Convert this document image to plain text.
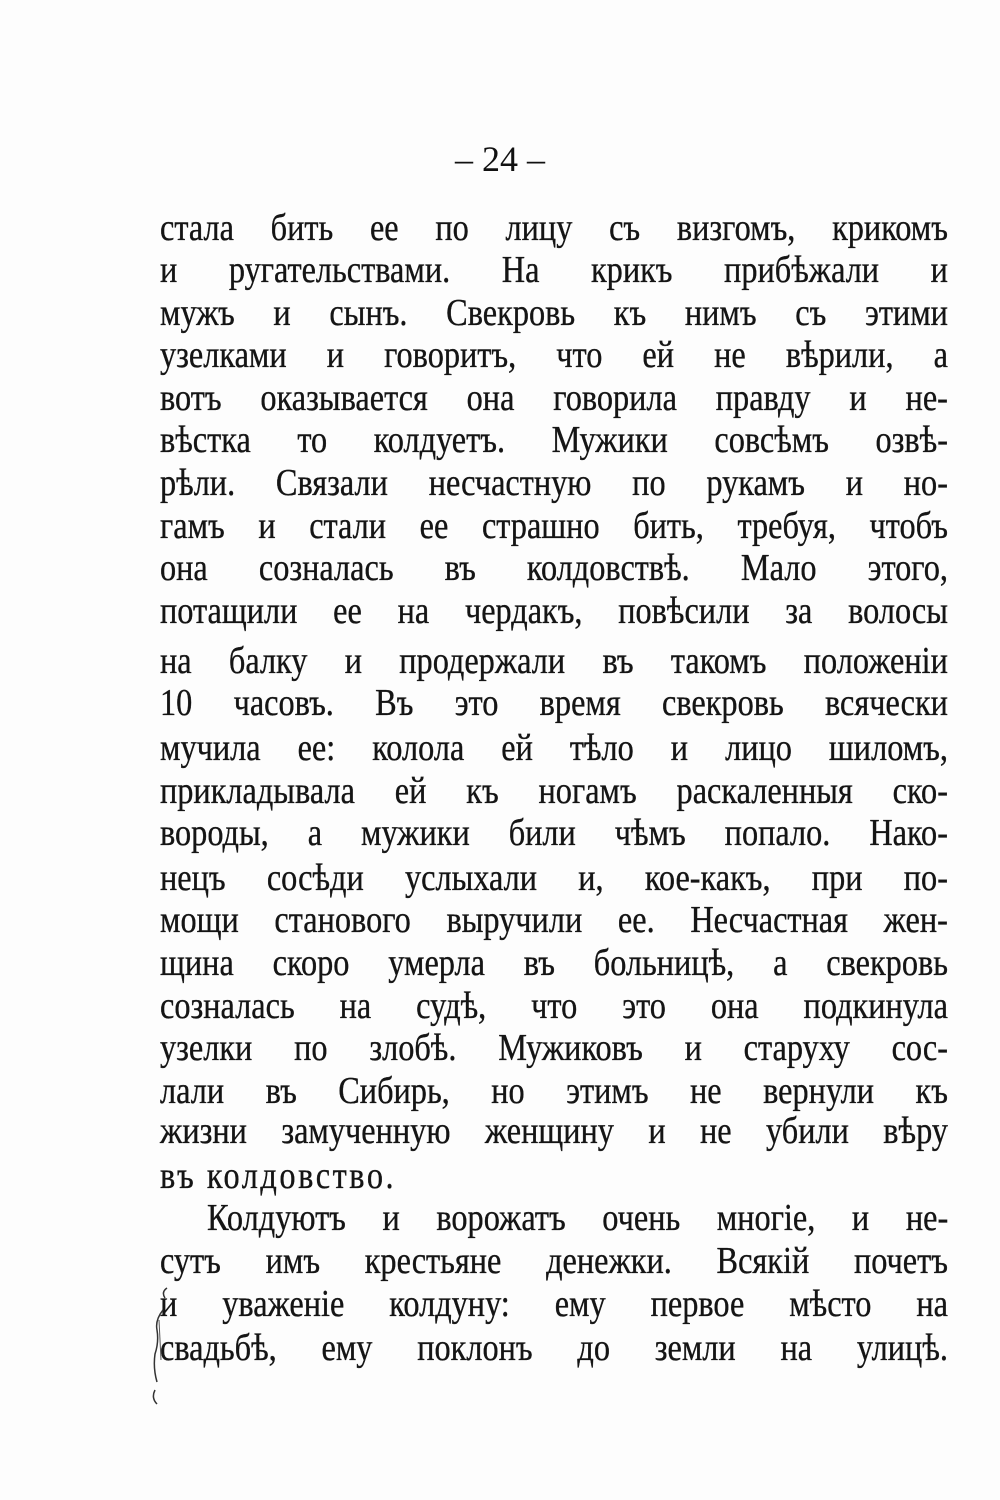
– 24 –
стала бить ее по лицу съ визгомъ, крикомъ
и ругательствами. На крикъ прибѣжали и
мужъ и сынъ. Свекровь къ нимъ съ этими
узелками и говоритъ, что ей не вѣрили, а
вотъ оказывается она говорила правду и не-
вѣстка то колдуетъ. Мужики совсѣмъ озвѣ-
рѣли. Связали несчастную по рукамъ и но-
гамъ и стали ее страшно бить, требуя, чтобъ
она созналась въ колдовствѣ. Мало этого,
потащили ее на чердакъ, повѣсили за волосы
на балку и продержали въ такомъ положенiи
10 часовъ. Въ это время свекровь всячески
мучила ее: колола ей тѣло и лицо шиломъ,
прикладывала ей къ ногамъ раскаленныя ско-
вороды, а мужики били чѣмъ попало. Нако-
нецъ сосѣди услыхали и, кое-какъ, при по-
мощи станового выручили ее. Несчастная жен-
щина скоро умерла въ больницѣ, а свекровь
созналась на судѣ, что это она подкинула
узелки по злобѣ. Мужиковъ и старуху сос-
лали въ Сибирь, но этимъ не вернули къ
жизни замученную женщину и не убили вѣру
въ колдовство.
Колдуютъ и ворожатъ очень многiе, и не-
сутъ имъ крестьяне денежки. Всякiй почетъ
и уваженiе колдуну: ему первое мѣсто на
свадьбѣ, ему поклонъ до земли на улицѣ.
